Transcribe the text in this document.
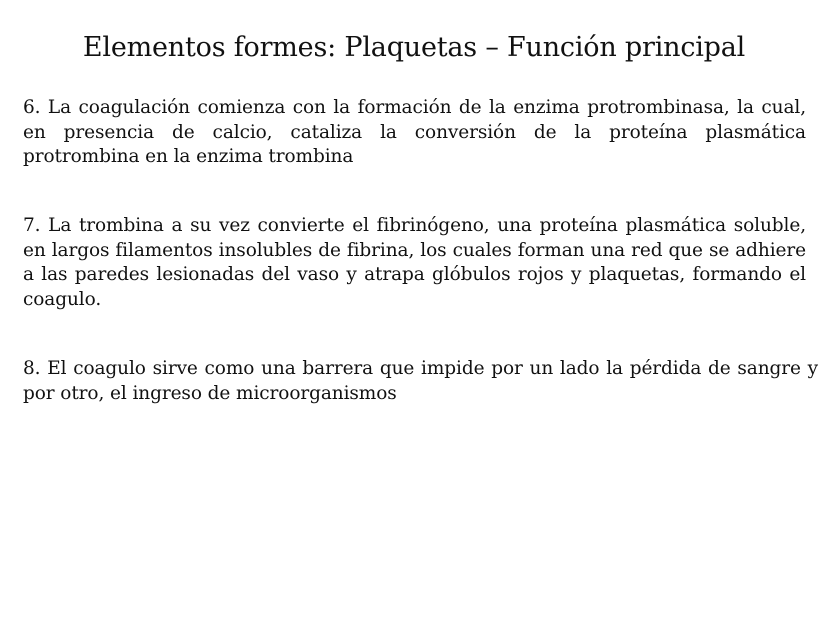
Elementos formes: Plaquetas – Función principal
6. La coagulación comienza con la formación de la enzima protrombinasa, la cual, en presencia de calcio, cataliza la conversión de la proteína plasmática protrombina en la enzima trombina
7. La trombina a su vez convierte el fibrinógeno, una proteína plasmática soluble, en largos filamentos insolubles de fibrina, los cuales forman una red que se adhiere a las paredes lesionadas del vaso y atrapa glóbulos rojos y plaquetas, formando el coagulo.
8. El coagulo sirve como una barrera que impide por un lado la pérdida de sangre y por otro, el ingreso de microorganismos
